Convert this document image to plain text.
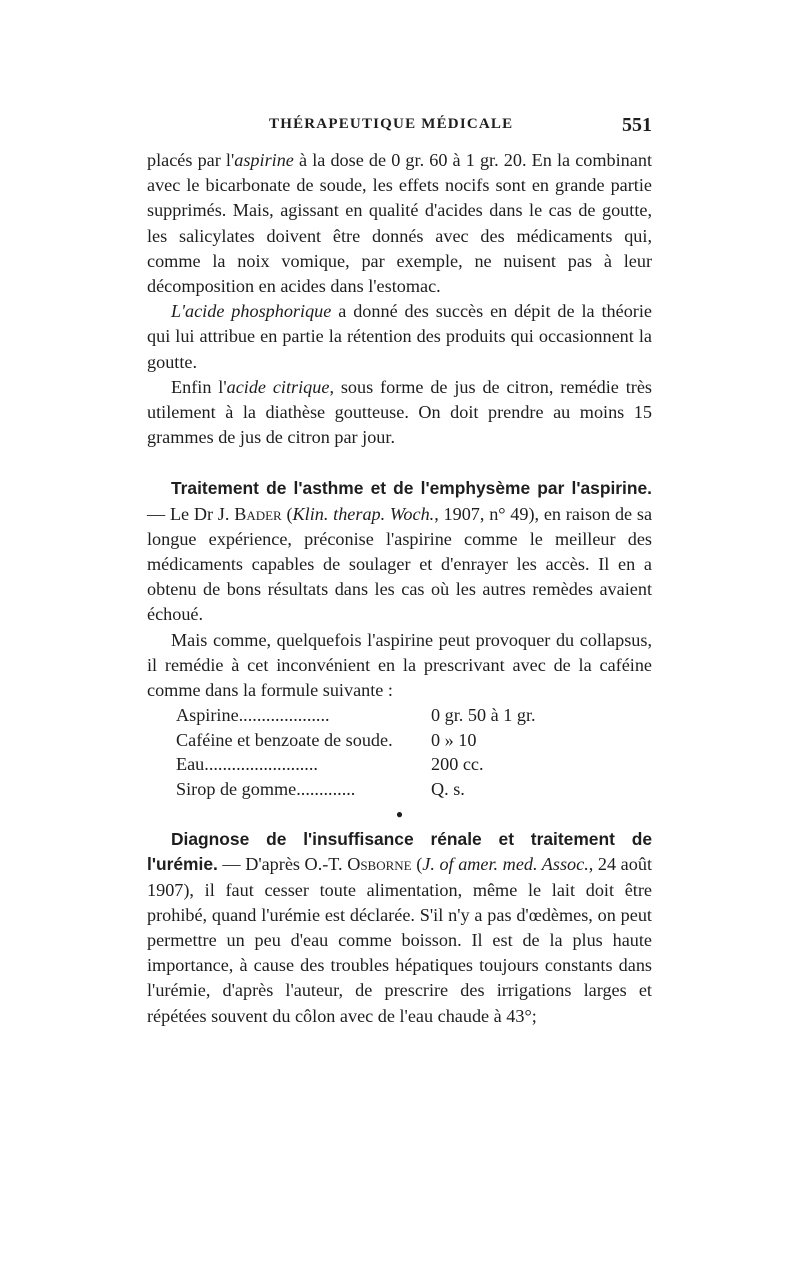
THÉRAPEUTIQUE MÉDICALE	551

placés par l'aspirine à la dose de 0 gr. 60 à 1 gr. 20. En la combinant avec le bicarbonate de soude, les effets nocifs sont en grande partie supprimés. Mais, agissant en qualité d'acides dans le cas de goutte, les salicylates doivent être donnés avec des médicaments qui, comme la noix vomique, par exemple, ne nuisent pas à leur décomposition en acides dans l'estomac.

L'acide phosphorique a donné des succès en dépit de la théorie qui lui attribue en partie la rétention des produits qui occasionnent la goutte.

Enfin l'acide citrique, sous forme de jus de citron, remédie très utilement à la diathèse goutteuse. On doit prendre au moins 15 grammes de jus de citron par jour.

Traitement de l'asthme et de l'emphysème par l'aspirine. — Le Dr J. Bader (Klin. therap. Woch., 1907, n° 49), en raison de sa longue expérience, préconise l'aspirine comme le meilleur des médicaments capables de soulager et d'enrayer les accès. Il en a obtenu de bons résultats dans les cas où les autres remèdes avaient échoué.

Mais comme, quelquefois l'aspirine peut provoquer du collapsus, il remédie à cet inconvénient en la prescrivant avec de la caféine comme dans la formule suivante :

Aspirine....................	0 gr. 50 à 1 gr.
Caféine et benzoate de soude.	0 » 10
Eau.........................	200 cc.
Sirop de gomme.............	Q. s.
●

Diagnose de l'insuffisance rénale et traitement de l'urémie. — D'après O.-T. Osborne (J. of amer. med. Assoc., 24 août 1907), il faut cesser toute alimentation, même le lait doit être prohibé, quand l'urémie est déclarée. S'il n'y a pas d'œdèmes, on peut permettre un peu d'eau comme boisson. Il est de la plus haute importance, à cause des troubles hépatiques toujours constants dans l'urémie, d'après l'auteur, de prescrire des irrigations larges et répétées souvent du côlon avec de l'eau chaude à 43°;
